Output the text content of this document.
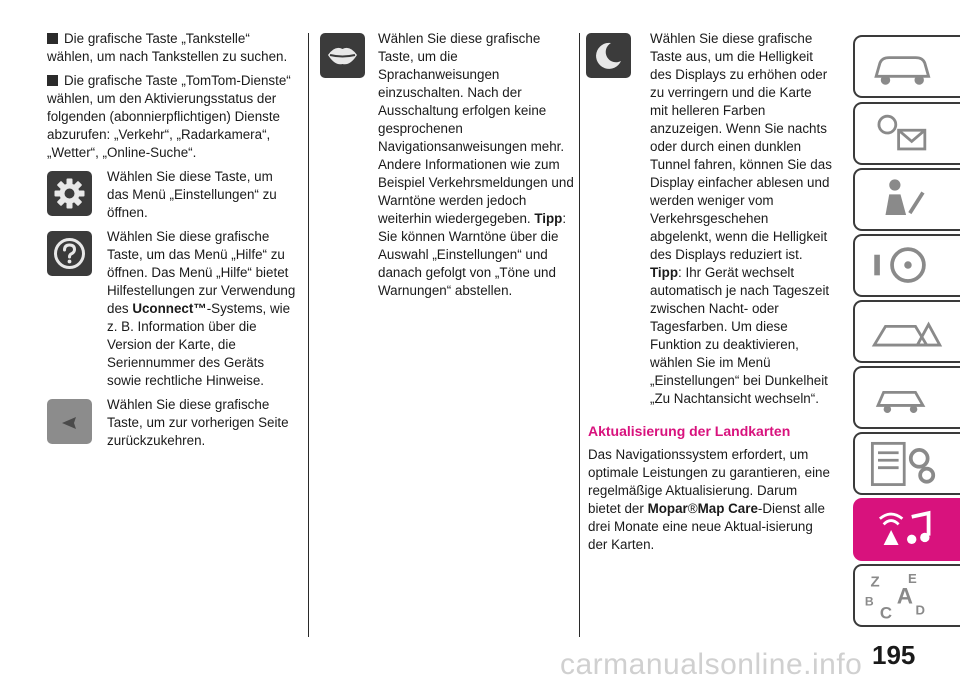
Die grafische Taste „Tankstelle“ wählen, um nach Tankstellen zu suchen.

Die grafische Taste „TomTom-Dienste“ wählen, um den Aktivierungsstatus der folgenden (abonnierpflichtigen) Dienste abzurufen: „Verkehr“, „Radarkamera“, „Wetter“, „Online-Suche“.

Wählen Sie diese Taste, um das Menü „Einstellungen“ zu öffnen.
Wählen Sie diese grafische Taste, um das Menü „Hilfe“ zu öffnen. Das Menü „Hilfe“ bietet Hilfestellungen zur Verwendung des Uconnect™-Systems, wie z. B. Information über die Version der Karte, die Seriennummer des Geräts sowie rechtliche Hinweise.
Wählen Sie diese grafische Taste, um zur vorherigen Seite zurückzukehren.

Wählen Sie diese grafische Taste, um die Sprachanweisungen einzuschalten. Nach der Ausschaltung erfolgen keine gesprochenen Navigationsanweisungen mehr. Andere Informationen wie zum Beispiel Verkehrsmeldungen und Warntöne werden jedoch weiterhin wiedergegeben. Tipp: Sie können Warntöne über die Auswahl „Einstellungen“ und danach gefolgt von „Töne und Warnungen“ abstellen.

Wählen Sie diese grafische Taste aus, um die Helligkeit des Displays zu erhöhen oder zu verringern und die Karte mit helleren Farben anzuzeigen. Wenn Sie nachts oder durch einen dunklen Tunnel fahren, können Sie das Display einfacher ablesen und werden weniger vom Verkehrsgeschehen abgelenkt, wenn die Helligkeit des Displays reduziert ist. Tipp: Ihr Gerät wechselt automatisch je nach Tageszeit zwischen Nacht- oder Tagesfarben. Um diese Funktion zu deaktivieren, wählen Sie im Menü „Einstellungen“ bei Dunkelheit „Zu Nachtansicht wechseln“.

Aktualisierung der Landkarten

Das Navigationssystem erfordert, um optimale Leistungen zu garantieren, eine regelmäßige Aktualisierung. Darum bietet der Mopar®Map Care-Dienst alle drei Monate eine neue Aktual-isierung der Karten.

Z E
A
B
C D
195
carmanualsonline.info
